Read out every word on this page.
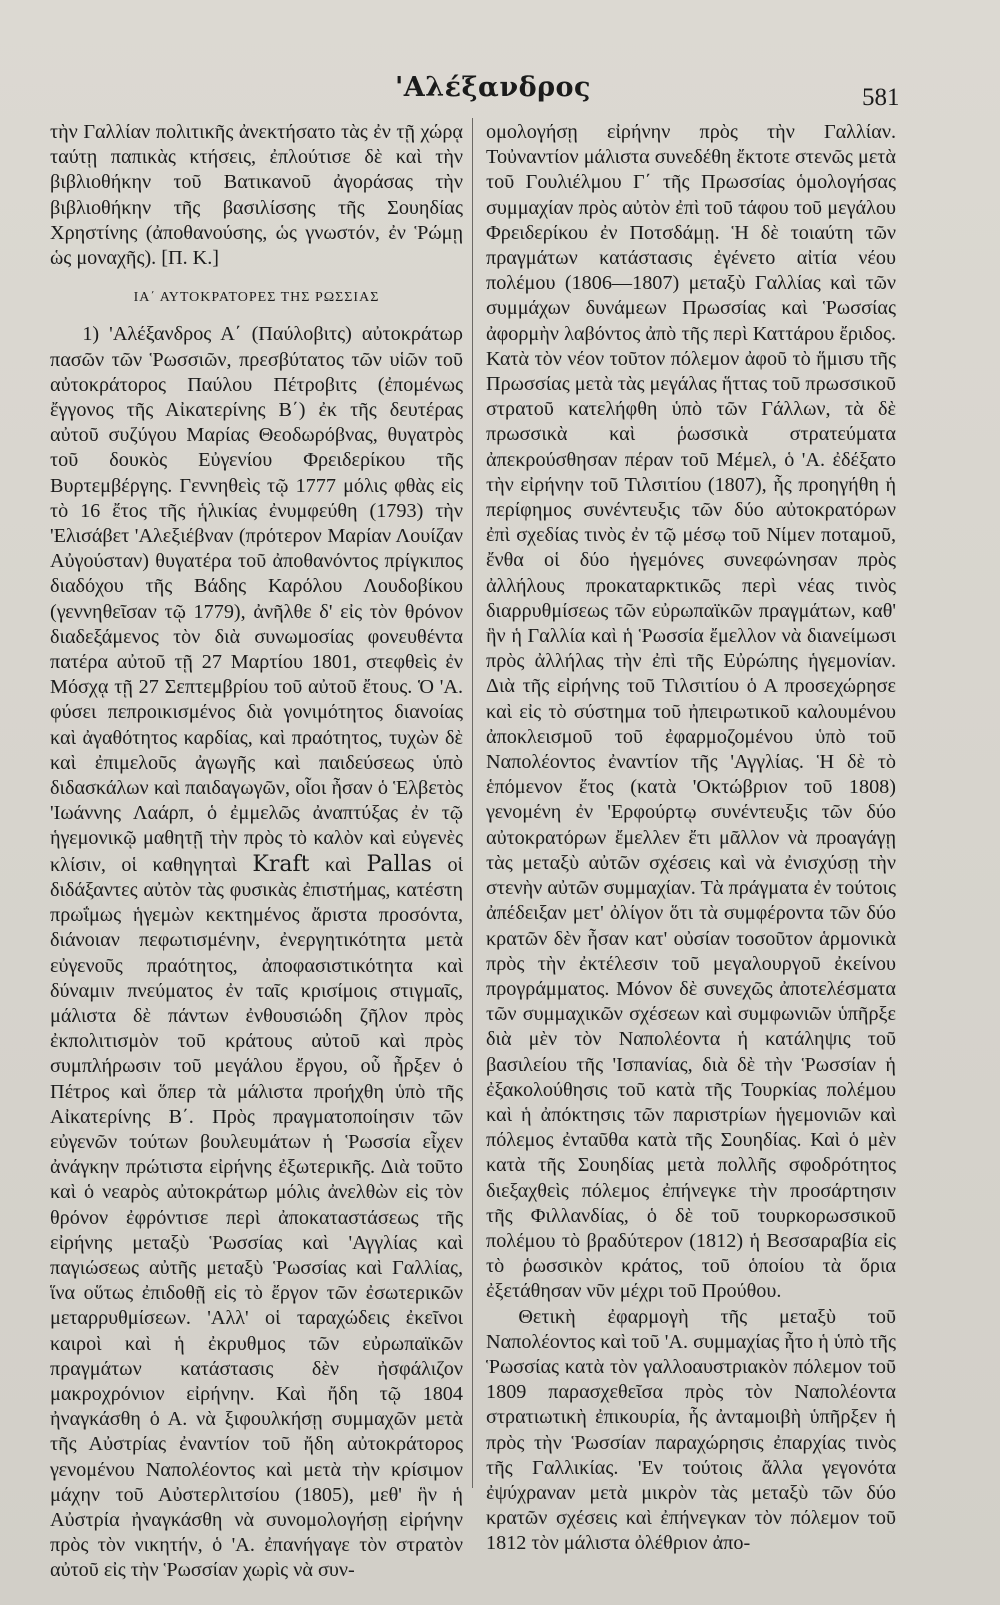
'Αλέξανδρος	581

τὴν Γαλλίαν πολιτικῆς ἀνεκτήσατο τὰς ἐν τῇ χώρᾳ ταύτῃ παπικὰς κτήσεις, ἐπλούτισε δὲ καὶ τὴν βιβλιοθήκην τοῦ Βατικανοῦ ἀγοράσας τὴν βιβλιοθήκην τῆς βασιλίσσης τῆς Σουηδίας Χρηστίνης (ἀποθανούσης, ὡς γνωστόν, ἐν Ῥώμῃ ὡς μοναχῆς). [Π. Κ.]

ΙΑ΄ ΑΥΤΟΚΡΑΤΟΡΕΣ ΤΗΣ ΡΩΣΣΙΑΣ

1) 'Αλέξανδρος Α΄ (Παύλοβιτς) αὐτοκράτωρ πασῶν τῶν Ῥωσσιῶν, πρεσβύτατος τῶν υἱῶν τοῦ αὐτοκράτορος Παύλου Πέτροβιτς (ἐπομένως ἔγγονος τῆς Αἰκατερίνης Β΄) ἐκ τῆς δευτέρας αὐτοῦ συζύγου Μαρίας Θεοδωρόβνας, θυγατρὸς τοῦ δουκὸς Εὐγενίου Φρειδερίκου τῆς Βυρτεμβέργης. Γεννηθεὶς τῷ 1777 μόλις φθὰς εἰς τὸ 16 ἔτος τῆς ἡλικίας ἐνυμφεύθη (1793) τὴν 'Ελισάβετ 'Αλεξιέβναν (πρότερον Μαρίαν Λουίζαν Αὐγούσταν) θυγατέρα τοῦ ἀποθανόντος πρίγκιπος διαδόχου τῆς Βάδης Καρόλου Λουδοβίκου (γεννηθεῖσαν τῷ 1779), ἀνῆλθε δ' εἰς τὸν θρόνον διαδεξάμενος τὸν διὰ συνωμοσίας φονευθέντα πατέρα αὐτοῦ τῇ 27 Μαρτίου 1801, στεφθεὶς ἐν Μόσχᾳ τῇ 27 Σεπτεμβρίου τοῦ αὐτοῦ ἔτους. Ὁ 'Α. φύσει πεπροικισμένος διὰ γονιμότητος διανοίας καὶ ἀγαθότητος καρδίας, καὶ πραότητος, τυχὼν δὲ καὶ ἐπιμελοῦς ἀγωγῆς καὶ παιδεύσεως ὑπὸ διδασκάλων καὶ παιδαγωγῶν, οἷοι ἦσαν ὁ Ἑλβετὸς 'Ιωάννης Λαάρπ, ὁ ἐμμελῶς ἀναπτύξας ἐν τῷ ἡγεμονικῷ μαθητῇ τὴν πρὸς τὸ καλὸν καὶ εὐγενὲς κλίσιν, οἱ καθηγηταὶ Kraft καὶ Pallas οἱ διδάξαντες αὐτὸν τὰς φυσικὰς ἐπιστήμας, κατέστη πρωΐμως ἡγεμὼν κεκτημένος ἄριστα προσόντα, διάνοιαν πεφωτισμένην, ἐνεργητικότητα μετὰ εὐγενοῦς πραότητος, ἀποφασιστικότητα καὶ δύναμιν πνεύματος ἐν ταῖς κρισίμοις στιγμαῖς, μάλιστα δὲ πάντων ἐνθουσιώδη ζῆλον πρὸς ἐκπολιτισμὸν τοῦ κράτους αὐτοῦ καὶ πρὸς συμπλήρωσιν τοῦ μεγάλου ἔργου, οὗ ἦρξεν ὁ Πέτρος καὶ ὅπερ τὰ μάλιστα προήχθη ὑπὸ τῆς Αἰκατερίνης Β΄. Πρὸς πραγματοποίησιν τῶν εὐγενῶν τούτων βουλευμάτων ἡ Ῥωσσία εἶχεν ἀνάγκην πρώτιστα εἰρήνης ἐξωτερικῆς. Διὰ τοῦτο καὶ ὁ νεαρὸς αὐτοκράτωρ μόλις ἀνελθὼν εἰς τὸν θρόνον ἐφρόντισε περὶ ἀποκαταστάσεως τῆς εἰρήνης μεταξὺ Ῥωσσίας καὶ 'Αγγλίας καὶ παγιώσεως αὐτῆς μεταξὺ Ῥωσσίας καὶ Γαλλίας, ἵνα οὕτως ἐπιδοθῇ εἰς τὸ ἔργον τῶν ἐσωτερικῶν μεταρρυθμίσεων. 'Αλλ' οἱ ταραχώδεις ἐκεῖνοι καιροὶ καὶ ἡ ἐκρυθμος τῶν εὐρωπαϊκῶν πραγμάτων κατάστασις δὲν ἠσφάλιζον μακροχρόνιον εἰρήνην. Καὶ ἤδη τῷ 1804 ἠναγκάσθη ὁ Α. νὰ ξιφουλκήσῃ συμμαχῶν μετὰ τῆς Αὐστρίας ἐναντίον τοῦ ἤδη αὐτοκράτορος γενομένου Ναπολέοντος καὶ μετὰ τὴν κρίσιμον μάχην τοῦ Αὐστερλιτσίου (1805), μεθ' ἣν ἡ Αὐστρία ἠναγκάσθη νὰ συνομολογήσῃ εἰρήνην πρὸς τὸν νικητήν, ὁ 'Α. ἐπανήγαγε τὸν στρατὸν αὐτοῦ εἰς τὴν Ῥωσσίαν χωρὶς νὰ συν-

ομολογήσῃ εἰρήνην πρὸς τὴν Γαλλίαν. Τοὐναντίον μάλιστα συνεδέθη ἔκτοτε στενῶς μετὰ τοῦ Γουλιέλμου Γ΄ τῆς Πρωσσίας ὁμολογήσας συμμαχίαν πρὸς αὐτὸν ἐπὶ τοῦ τάφου τοῦ μεγάλου Φρειδερίκου ἐν Ποτσδάμῃ. Ἡ δὲ τοιαύτη τῶν πραγμάτων κατάστασις ἐγένετο αἰτία νέου πολέμου (1806—1807) μεταξὺ Γαλλίας καὶ τῶν συμμάχων δυνάμεων Πρωσσίας καὶ Ῥωσσίας ἀφορμὴν λαβόντος ἀπὸ τῆς περὶ Καττάρου ἔριδος. Κατὰ τὸν νέον τοῦτον πόλεμον ἀφοῦ τὸ ἥμισυ τῆς Πρωσσίας μετὰ τὰς μεγάλας ἥττας τοῦ πρωσσικοῦ στρατοῦ κατελήφθη ὑπὸ τῶν Γάλλων, τὰ δὲ πρωσσικὰ καὶ ῥωσσικὰ στρατεύματα ἀπεκρούσθησαν πέραν τοῦ Μέμελ, ὁ 'Α. ἐδέξατο τὴν εἰρήνην τοῦ Τιλσιτίου (1807), ἧς προηγήθη ἡ περίφημος συνέντευξις τῶν δύο αὐτοκρατόρων ἐπὶ σχεδίας τινὸς ἐν τῷ μέσῳ τοῦ Νίμεν ποταμοῦ, ἔνθα οἱ δύο ἡγεμόνες συνεφώνησαν πρὸς ἀλλήλους προκαταρκτικῶς περὶ νέας τινὸς διαρρυθμίσεως τῶν εὐρωπαϊκῶν πραγμάτων, καθ' ἣν ἡ Γαλλία καὶ ἡ Ῥωσσία ἔμελλον νὰ διανείμωσι πρὸς ἀλλήλας τὴν ἐπὶ τῆς Εὐρώπης ἡγεμονίαν. Διὰ τῆς εἰρήνης τοῦ Τιλσιτίου ὁ Α προσεχώρησε καὶ εἰς τὸ σύστημα τοῦ ἠπειρωτικοῦ καλουμένου ἀποκλεισμοῦ τοῦ ἐφαρμοζομένου ὑπὸ τοῦ Ναπολέοντος ἐναντίον τῆς 'Αγγλίας. Ἡ δὲ τὸ ἑπόμενον ἔτος (κατὰ 'Οκτώβριον τοῦ 1808) γενομένη ἐν 'Ερφούρτῳ συνέντευξις τῶν δύο αὐτοκρατόρων ἔμελλεν ἔτι μᾶλλον νὰ προαγάγῃ τὰς μεταξὺ αὐτῶν σχέσεις καὶ νὰ ἐνισχύσῃ τὴν στενὴν αὐτῶν συμμαχίαν. Τὰ πράγματα ἐν τούτοις ἀπέδειξαν μετ' ὀλίγον ὅτι τὰ συμφέροντα τῶν δύο κρατῶν δὲν ἦσαν κατ' οὐσίαν τοσοῦτον ἁρμονικὰ πρὸς τὴν ἐκτέλεσιν τοῦ μεγαλουργοῦ ἐκείνου προγράμματος. Μόνον δὲ συνεχῶς ἀποτελέσματα τῶν συμμαχικῶν σχέσεων καὶ συμφωνιῶν ὑπῆρξε διὰ μὲν τὸν Ναπολέοντα ἡ κατάληψις τοῦ βασιλείου τῆς 'Ισπανίας, διὰ δὲ τὴν Ῥωσσίαν ἡ ἐξακολούθησις τοῦ κατὰ τῆς Τουρκίας πολέμου καὶ ἡ ἀπόκτησις τῶν παριστρίων ἡγεμονιῶν καὶ πόλεμος ἐνταῦθα κατὰ τῆς Σουηδίας. Καὶ ὁ μὲν κατὰ τῆς Σουηδίας μετὰ πολλῆς σφοδρότητος διεξαχθεὶς πόλεμος ἐπήνεγκε τὴν προσάρτησιν τῆς Φιλλανδίας, ὁ δὲ τοῦ τουρκορωσσικοῦ πολέμου τὸ βραδύτερον (1812) ἡ Βεσσαραβία εἰς τὸ ῥωσσικὸν κράτος, τοῦ ὁποίου τὰ ὅρια ἐξετάθησαν νῦν μέχρι τοῦ Προύθου.

Θετικὴ ἐφαρμογὴ τῆς μεταξὺ τοῦ Ναπολέοντος καὶ τοῦ 'Α. συμμαχίας ἦτο ἡ ὑπὸ τῆς Ῥωσσίας κατὰ τὸν γαλλοαυστριακὸν πόλεμον τοῦ 1809 παρασχεθεῖσα πρὸς τὸν Ναπολέοντα στρατιωτικὴ ἐπικουρία, ἧς ἀνταμοιβὴ ὑπῆρξεν ἡ πρὸς τὴν Ῥωσσίαν παραχώρησις ἐπαρχίας τινὸς τῆς Γαλλικίας. 'Εν τούτοις ἄλλα γεγονότα ἐψύχραναν μετὰ μικρὸν τὰς μεταξὺ τῶν δύο κρατῶν σχέσεις καὶ ἐπήνεγκαν τὸν πόλεμον τοῦ 1812 τὸν μάλιστα ὀλέθριον ἀπο-
